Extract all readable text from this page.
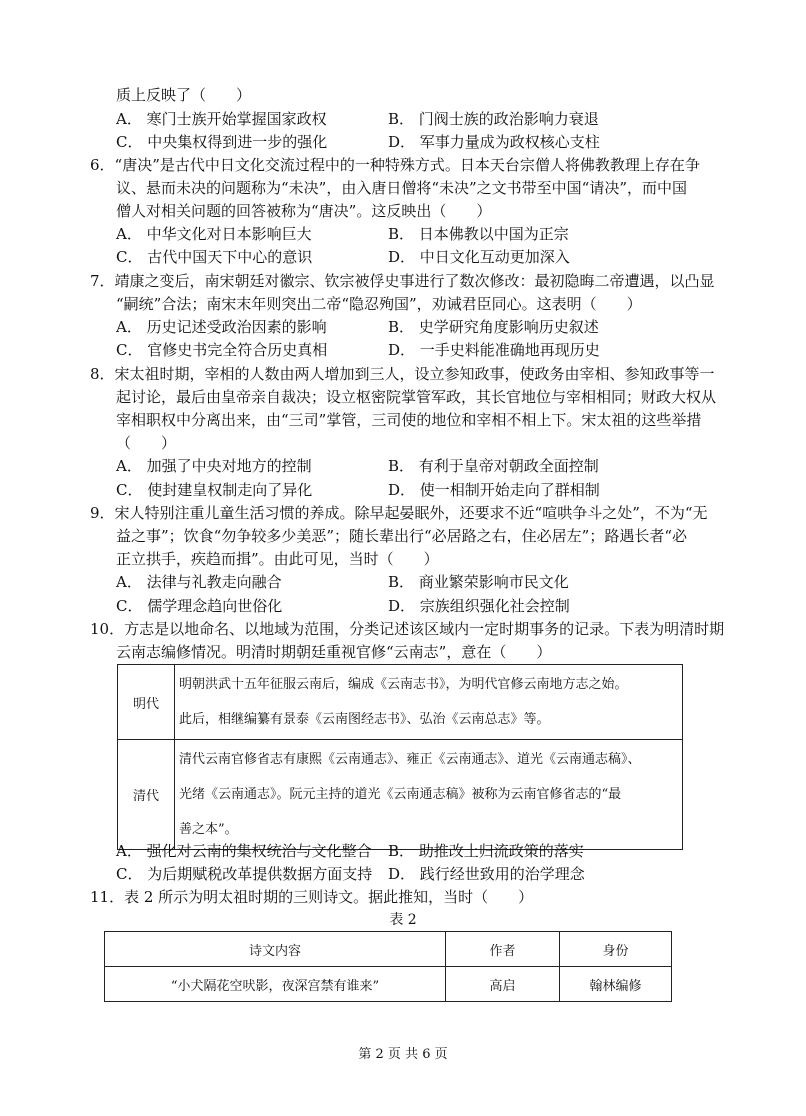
质上反映了（　　）
A． 寒门士族开始掌握国家政权	B． 门阀士族的政治影响力衰退
C． 中央集权得到进一步的强化	D． 军事力量成为政权核心支柱
6．“唐决”是古代中日文化交流过程中的一种特殊方式。日本天台宗僧人将佛教教理上存在争
议、悬而未决的问题称为“未决”，由入唐日僧将“未决”之文书带至中国“请决”，而中国
僧人对相关问题的回答被称为“唐决”。这反映出（　　）
A． 中华文化对日本影响巨大	B． 日本佛教以中国为正宗
C． 古代中国天下中心的意识	D． 中日文化互动更加深入
7．靖康之变后，南宋朝廷对徽宗、钦宗被俘史事进行了数次修改：最初隐晦二帝遭遇，以凸显
“嗣统”合法；南宋末年则突出二帝“隐忍殉国”，劝诫君臣同心。这表明（　　）
A． 历史记述受政治因素的影响	B． 史学研究角度影响历史叙述
C． 官修史书完全符合历史真相	D． 一手史料能准确地再现历史
8．宋太祖时期，宰相的人数由两人增加到三人，设立参知政事，使政务由宰相、参知政事等一
起讨论，最后由皇帝亲自裁决；设立枢密院掌管军政，其长官地位与宰相相同；财政大权从
宰相职权中分离出来，由“三司”掌管，三司使的地位和宰相不相上下。宋太祖的这些举措
（　　）
A． 加强了中央对地方的控制	B． 有利于皇帝对朝政全面控制
C． 使封建皇权制走向了异化	D． 使一相制开始走向了群相制
9．宋人特别注重儿童生活习惯的养成。除早起晏眠外，还要求不近“喧哄争斗之处”，不为“无
益之事”；饮食“勿争较多少美恶”；随长辈出行“必居路之右，住必居左”；路遇长者“必
正立拱手，疾趋而揖”。由此可见，当时（　　）
A． 法律与礼教走向融合	B． 商业繁荣影响市民文化
C． 儒学理念趋向世俗化	D． 宗族组织强化社会控制
10．方志是以地命名、以地域为范围，分类记述该区域内一定时期事务的记录。下表为明清时期
云南志编修情况。明清时期朝廷重视官修“云南志”，意在（　　）
明代	明朝洪武十五年征服云南后，编成《云南志书》，为明代官修云南地方志之始。
此后，相继编纂有景泰《云南图经志书》、弘治《云南总志》等。

清代	清代云南官修省志有康熙《云南通志》、雍正《云南通志》、道光《云南通志稿》、
光绪《云南通志》。阮元主持的道光《云南通志稿》被称为云南官修省志的“最
善之本”。
A． 强化对云南的集权统治与文化整合 B． 助推改土归流政策的落实
C． 为后期赋税改革提供数据方面支持 D． 践行经世致用的治学理念
11．表 2 所示为明太祖时期的三则诗文。据此推知，当时（　　）
表 2
诗文内容	作者	身份
“小犬隔花空吠影，夜深宫禁有谁来”	高启	翰林编修
第 2 页 共 6 页
